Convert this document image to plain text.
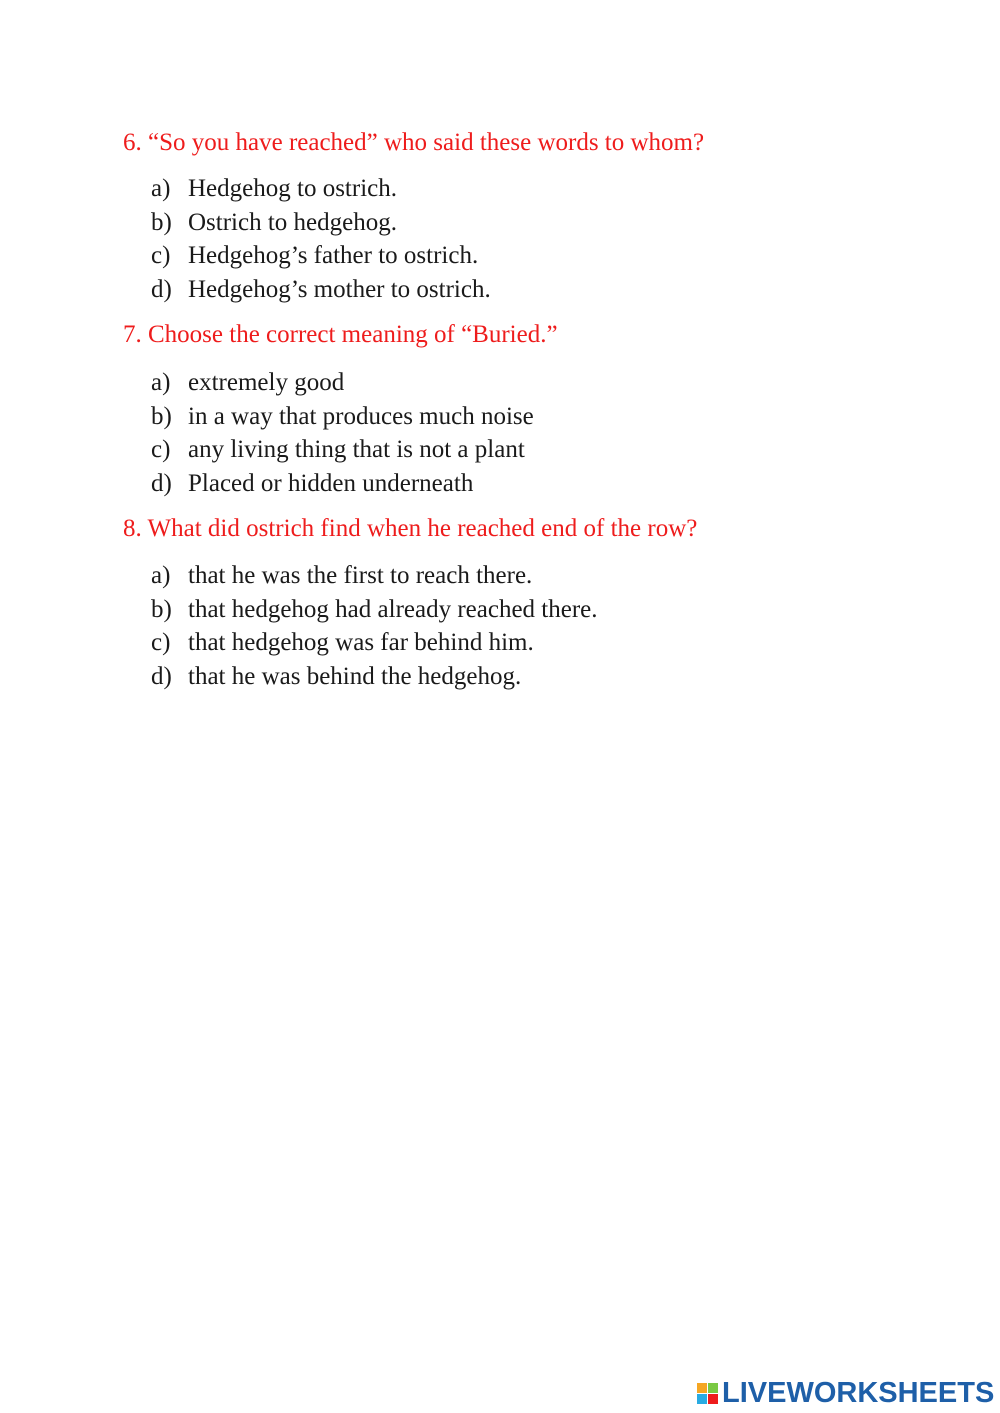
6. “So you have reached” who said these words to whom?
a) Hedgehog to ostrich.
b) Ostrich to hedgehog.
c) Hedgehog’s father to ostrich.
d) Hedgehog’s mother to ostrich.
7. Choose the correct meaning of “Buried.”
a) extremely good
b) in a way that produces much noise
c) any living thing that is not a plant
d) Placed or hidden underneath
8. What did ostrich find when he reached end of the row?
a) that he was the first to reach there.
b) that hedgehog had already reached there.
c) that hedgehog was far behind him.
d) that he was behind the hedgehog.
LIVEWORKSHEETS
